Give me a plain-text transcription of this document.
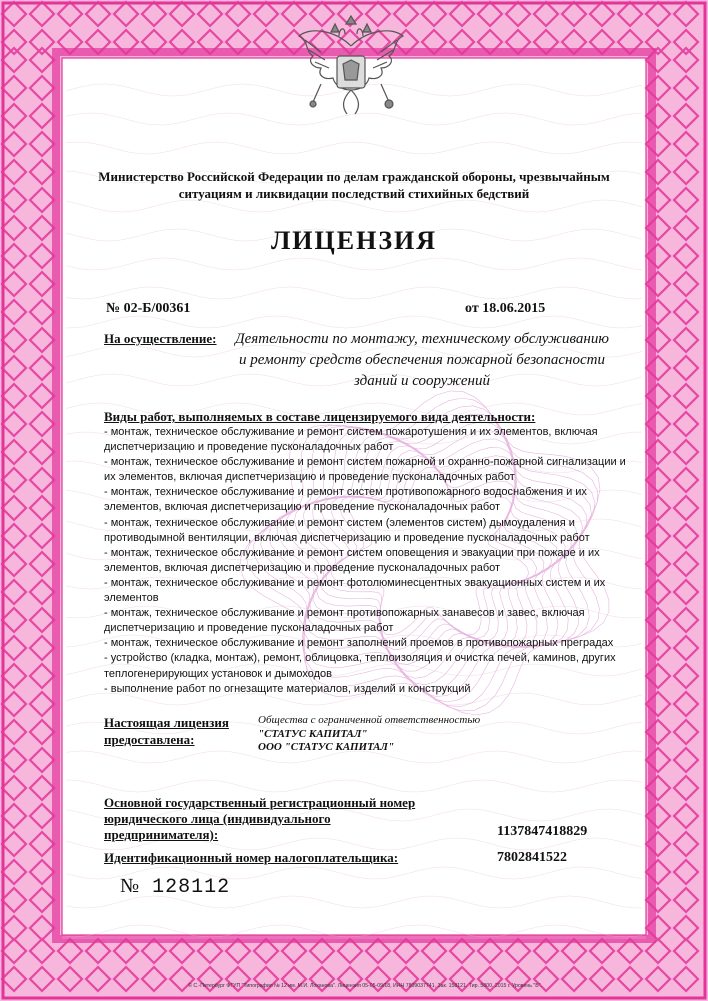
Министерство Российской Федерации по делам гражданской обороны, чрезвычайным ситуациям и ликвидации последствий стихийных бедствий
ЛИЦЕНЗИЯ
№ 02-Б/00361	от 18.06.2015
На осуществление: Деятельности по монтажу, техническому обслуживанию и ремонту средств обеспечения пожарной безопасности зданий и сооружений
Виды работ, выполняемых в составе лицензируемого вида деятельности:
- монтаж, техническое обслуживание и ремонт систем пожаротушения и их элементов, включая диспетчеризацию и проведение пусконаладочных работ
- монтаж, техническое обслуживание и ремонт систем пожарной и охранно-пожарной сигнализации и их элементов, включая диспетчеризацию и проведение пусконаладочных работ
- монтаж, техническое обслуживание и ремонт систем противопожарного водоснабжения и их элементов, включая диспетчеризацию и проведение пусконаладочных работ
- монтаж, техническое обслуживание и ремонт систем (элементов систем) дымоудаления и противодымной вентиляции, включая диспетчеризацию и проведение пусконаладочных работ
- монтаж, техническое обслуживание и ремонт систем оповещения и эвакуации при пожаре и их элементов, включая диспетчеризацию и проведение пусконаладочных работ
- монтаж, техническое обслуживание и ремонт фотолюминесцентных эвакуационных систем и их элементов
- монтаж, техническое обслуживание и ремонт противопожарных занавесов и завес, включая диспетчеризацию и проведение пусконаладочных работ
- монтаж, техническое обслуживание и ремонт заполнений проемов в противопожарных преградах
- устройство (кладка, монтаж), ремонт, облицовка, теплоизоляция и очистка печей, каминов, других теплогенерирующих установок и дымоходов
- выполнение работ по огнезащите материалов, изделий и конструкций
Настоящая лицензия
предоставлена:
Общества с ограниченной ответственностью
"СТАТУС КАПИТАЛ"
ООО "СТАТУС КАПИТАЛ"
Основной государственный регистрационный номер юридического лица (индивидуального предпринимателя):	1137847418829
Идентификационный номер налогоплательщика:	7802841522
№ 128112
© С.-Петербург ФГУП "Типография № 12 им. М.И. Лоханова". Лицензия 05-05-09/18, ИНН 7809037741, Зак. 158121. Тир. 5800. 2015 г. Уровень "Б".
